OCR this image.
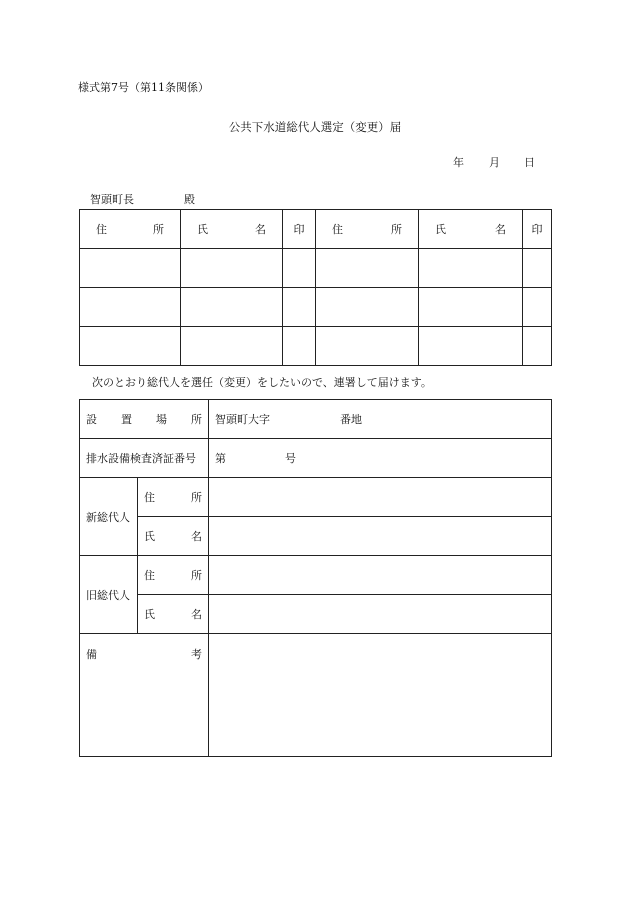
様式第7号（第11条関係）
公共下水道総代人選定（変更）届
年 月 日
智頭町長	殿
住 所	氏 名	印	住 所	氏 名	印

次のとおり総代人を選任（変更）をしたいので、連署して届けます。
設 置 場 所		智頭町大字 番地
排水設備検査済証番号		第 号
新総代人	住 所	

	氏 名	

旧総代人	住 所	

	氏 名	

備 考		
